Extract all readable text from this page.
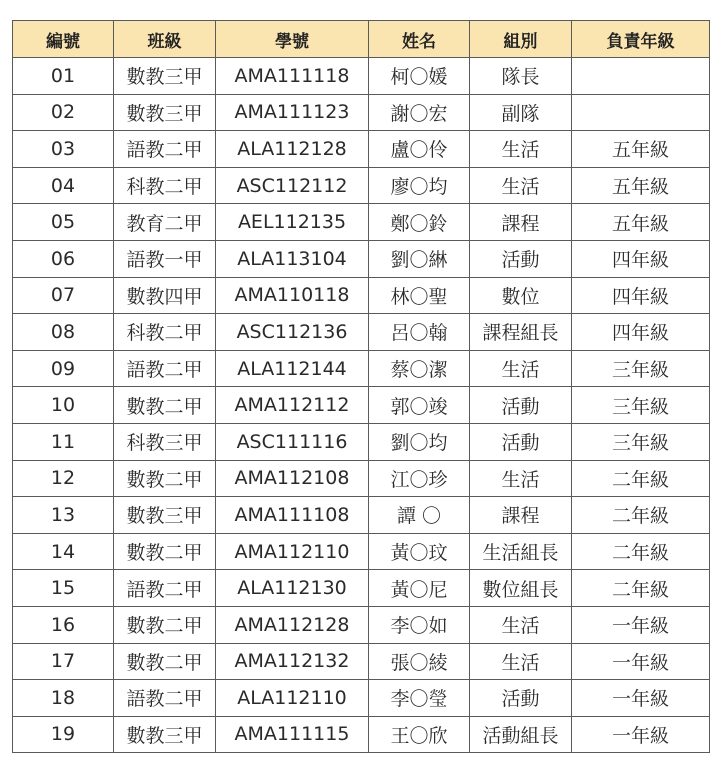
編號	班級	學號	姓名	組別	負責年級
01	數教三甲	AMA111118	柯〇媛	隊長	
02	數教三甲	AMA111123	謝〇宏	副隊	
03	語教二甲	ALA112128	盧〇伶	生活	五年級
04	科教二甲	ASC112112	廖〇均	生活	五年級
05	教育二甲	AEL112135	鄭〇鈴	課程	五年級
06	語教一甲	ALA113104	劉〇綝	活動	四年級
07	數教四甲	AMA110118	林〇聖	數位	四年級
08	科教二甲	ASC112136	呂〇翰	課程組長	四年級
09	語教二甲	ALA112144	蔡〇潔	生活	三年級
10	數教二甲	AMA112112	郭〇竣	活動	三年級
11	科教三甲	ASC111116	劉〇均	活動	三年級
12	數教二甲	AMA112108	江〇珍	生活	二年級
13	數教三甲	AMA111108	譚 〇	課程	二年級
14	數教二甲	AMA112110	黃〇玟	生活組長	二年級
15	語教二甲	ALA112130	黃〇尼	數位組長	二年級
16	數教二甲	AMA112128	李〇如	生活	一年級
17	數教二甲	AMA112132	張〇綾	生活	一年級
18	語教二甲	ALA112110	李〇瑩	活動	一年級
19	數教三甲	AMA111115	王〇欣	活動組長	一年級
